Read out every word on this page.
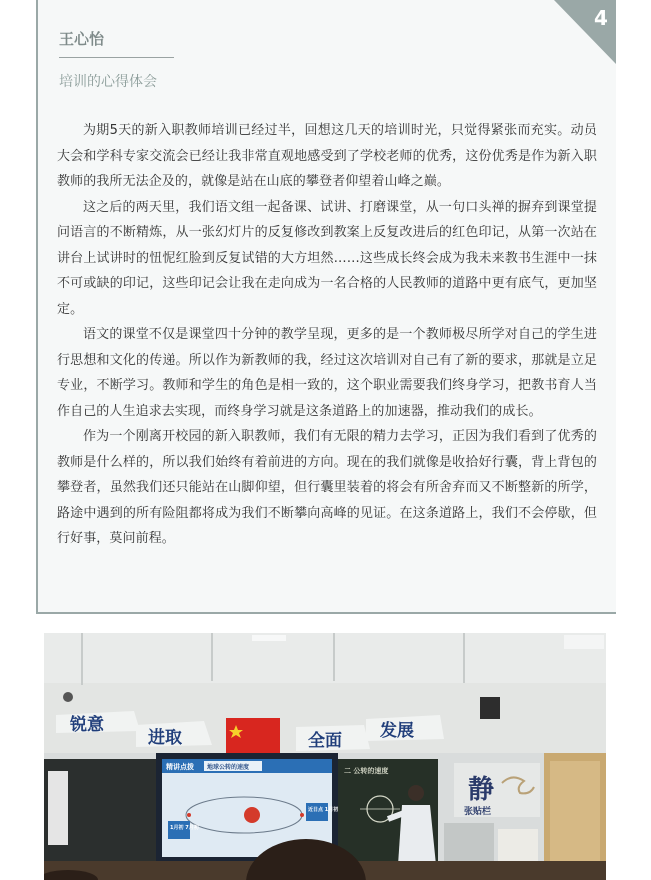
4
王心怡
培训的心得体会

为期5天的新入职教师培训已经过半，回想这几天的培训时光，只觉得紧张而充实。动员大会和学科专家交流会已经让我非常直观地感受到了学校老师的优秀，这份优秀是作为新入职教师的我所无法企及的，就像是站在山底的攀登者仰望着山峰之巅。

这之后的两天里，我们语文组一起备课、试讲、打磨课堂，从一句口头禅的摒弃到课堂提问语言的不断精炼，从一张幻灯片的反复修改到教案上反复改进后的红色印记，从第一次站在讲台上试讲时的忸怩红脸到反复试错的大方坦然……这些成长终会成为我未来教书生涯中一抹不可或缺的印记，这些印记会让我在走向成为一名合格的人民教师的道路中更有底气，更加坚定。

语文的课堂不仅是课堂四十分钟的教学呈现，更多的是一个教师极尽所学对自己的学生进行思想和文化的传递。所以作为新教师的我，经过这次培训对自己有了新的要求，那就是立足专业，不断学习。教师和学生的角色是相一致的，这个职业需要我们终身学习，把教书育人当作自己的人生追求去实现，而终身学习就是这条道路上的加速器，推动我们的成长。

作为一个刚离开校园的新入职教师，我们有无限的精力去学习，正因为我们看到了优秀的教师是什么样的，所以我们始终有着前进的方向。现在的我们就像是收拾好行囊，背上背包的攀登者，虽然我们还只能站在山脚仰望，但行囊里装着的将会有所舍弃而又不断整新的所学，路途中遇到的所有险阻都将成为我们不断攀向高峰的见证。在这条道路上，我们不会停歇，但行好事，莫问前程。

锐意
进取	全面 发展
静
张贴栏
精讲点拨 地球公转的速度
1月初 7月初
近日点 1月初
二 公转的速度
